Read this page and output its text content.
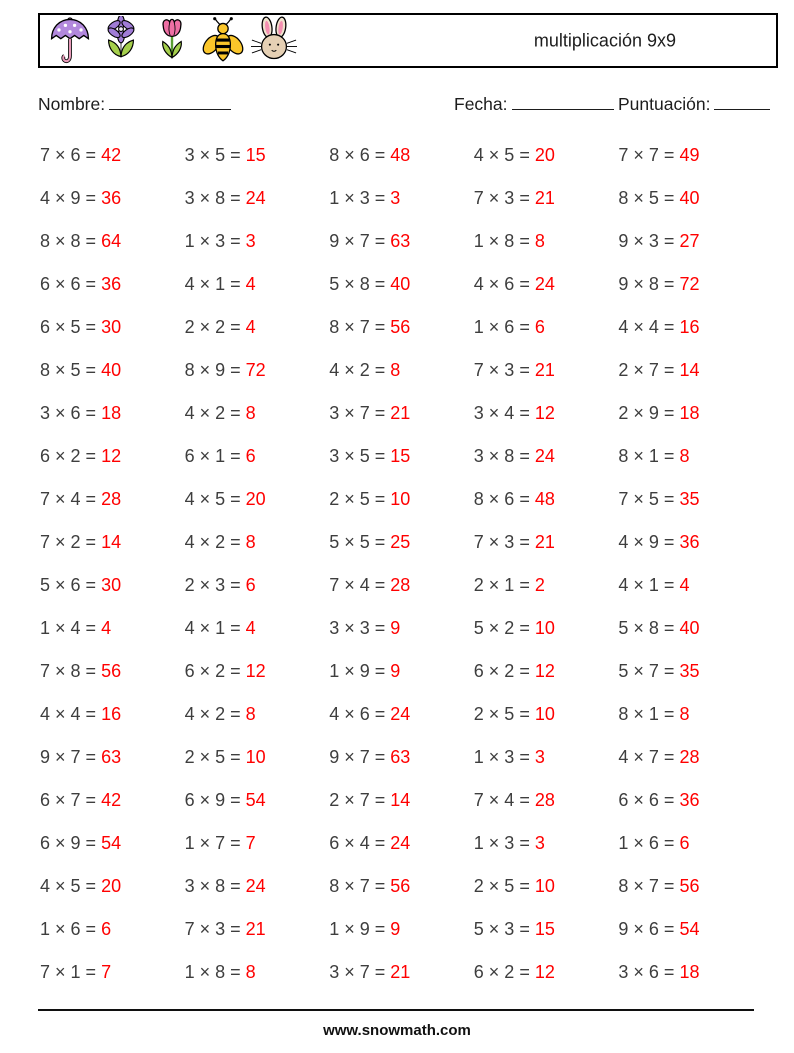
multiplicación 9x9
Nombre:	Fecha:	Puntuación:
7 × 6 = 42	3 × 5 = 15	8 × 6 = 48	4 × 5 = 20	7 × 7 = 49
4 × 9 = 36	3 × 8 = 24	1 × 3 = 3	7 × 3 = 21	8 × 5 = 40
8 × 8 = 64	1 × 3 = 3	9 × 7 = 63	1 × 8 = 8	9 × 3 = 27
6 × 6 = 36	4 × 1 = 4	5 × 8 = 40	4 × 6 = 24	9 × 8 = 72
6 × 5 = 30	2 × 2 = 4	8 × 7 = 56	1 × 6 = 6	4 × 4 = 16
8 × 5 = 40	8 × 9 = 72	4 × 2 = 8	7 × 3 = 21	2 × 7 = 14
3 × 6 = 18	4 × 2 = 8	3 × 7 = 21	3 × 4 = 12	2 × 9 = 18
6 × 2 = 12	6 × 1 = 6	3 × 5 = 15	3 × 8 = 24	8 × 1 = 8
7 × 4 = 28	4 × 5 = 20	2 × 5 = 10	8 × 6 = 48	7 × 5 = 35
7 × 2 = 14	4 × 2 = 8	5 × 5 = 25	7 × 3 = 21	4 × 9 = 36
5 × 6 = 30	2 × 3 = 6	7 × 4 = 28	2 × 1 = 2	4 × 1 = 4
1 × 4 = 4	4 × 1 = 4	3 × 3 = 9	5 × 2 = 10	5 × 8 = 40
7 × 8 = 56	6 × 2 = 12	1 × 9 = 9	6 × 2 = 12	5 × 7 = 35
4 × 4 = 16	4 × 2 = 8	4 × 6 = 24	2 × 5 = 10	8 × 1 = 8
9 × 7 = 63	2 × 5 = 10	9 × 7 = 63	1 × 3 = 3	4 × 7 = 28
6 × 7 = 42	6 × 9 = 54	2 × 7 = 14	7 × 4 = 28	6 × 6 = 36
6 × 9 = 54	1 × 7 = 7	6 × 4 = 24	1 × 3 = 3	1 × 6 = 6
4 × 5 = 20	3 × 8 = 24	8 × 7 = 56	2 × 5 = 10	8 × 7 = 56
1 × 6 = 6	7 × 3 = 21	1 × 9 = 9	5 × 3 = 15	9 × 6 = 54
7 × 1 = 7	1 × 8 = 8	3 × 7 = 21	6 × 2 = 12	3 × 6 = 18
www.snowmath.com
